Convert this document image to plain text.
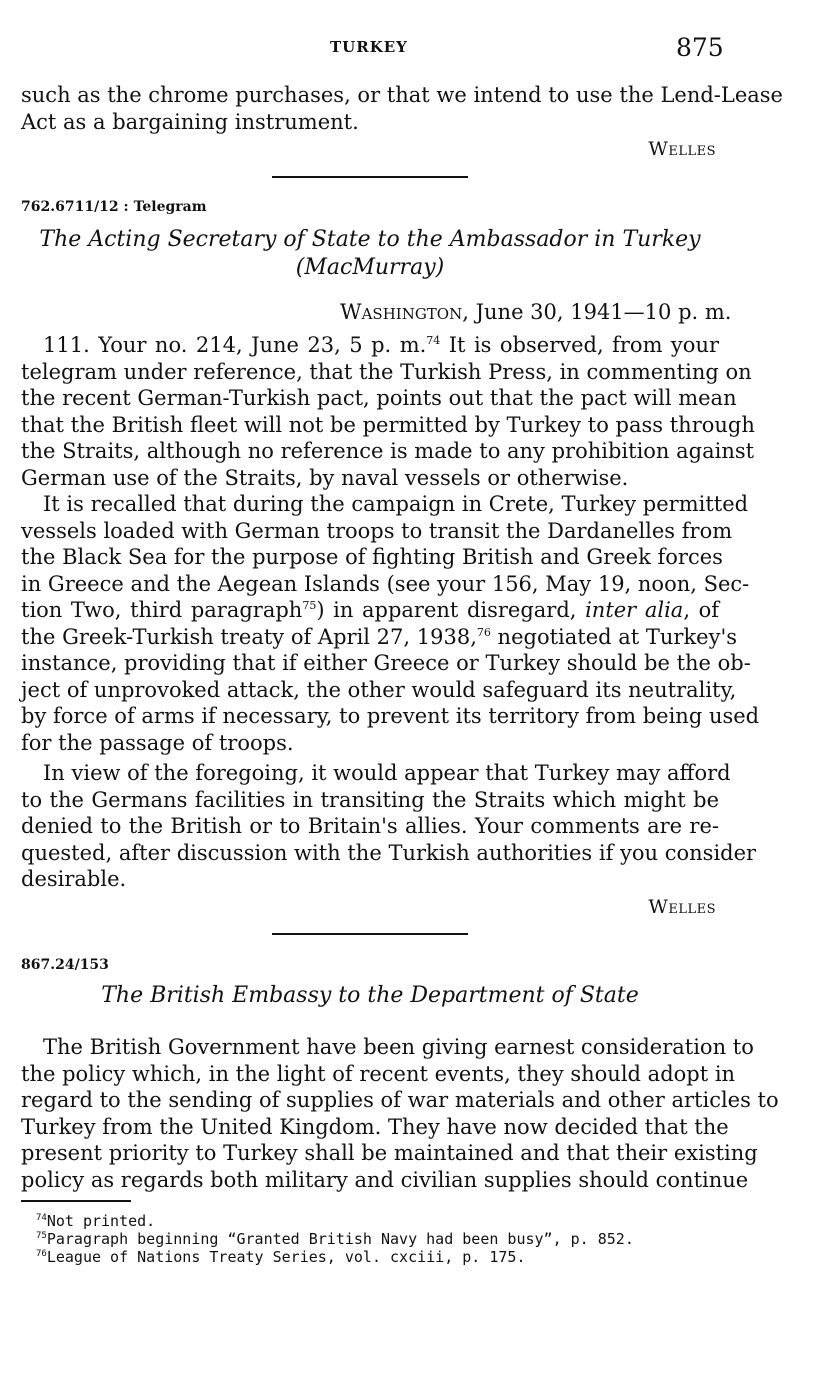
TURKEY	875
such as the chrome purchases, or that we intend to use the Lend-Lease
Act as a bargaining instrument.
Welles
762.6711/12 : Telegram
The Acting Secretary of State to the Ambassador in Turkey
(MacMurray)
Washington, June 30, 1941—10 p. m.
111. Your no. 214, June 23, 5 p. m.$^{74}$ It is observed, from your
telegram under reference, that the Turkish Press, in commenting on
the recent German-Turkish pact, points out that the pact will mean
that the British fleet will not be permitted by Turkey to pass through
the Straits, although no reference is made to any prohibition against
German use of the Straits, by naval vessels or otherwise.
It is recalled that during the campaign in Crete, Turkey permitted
vessels loaded with German troops to transit the Dardanelles from
the Black Sea for the purpose of fighting British and Greek forces
in Greece and the Aegean Islands (see your 156, May 19, noon, Sec-
tion Two, third paragraph$^{75}$) in apparent disregard, inter alia, of
the Greek-Turkish treaty of April 27, 1938,76 negotiated at Turkey's
instance, providing that if either Greece or Turkey should be the ob-
ject of unprovoked attack, the other would safeguard its neutrality,
by force of arms if necessary, to prevent its territory from being used
for the passage of troops.
In view of the foregoing, it would appear that Turkey may afford
to the Germans facilities in transiting the Straits which might be
denied to the British or to Britain's allies. Your comments are re-
quested, after discussion with the Turkish authorities if you consider
desirable.
Welles
867.24/153
The British Embassy to the Department of State
The British Government have been giving earnest consideration to
the policy which, in the light of recent events, they should adopt in
regard to the sending of supplies of war materials and other articles to
Turkey from the United Kingdom. They have now decided that the
present priority to Turkey shall be maintained and that their existing
policy as regards both military and civilian supplies should continue
$^{74}$Not printed.
$^{75}$Paragraph beginning “Granted British Navy had been busy”, p. 852.
$^{76}$League of Nations Treaty Series, vol. cxciii, p. 175.
